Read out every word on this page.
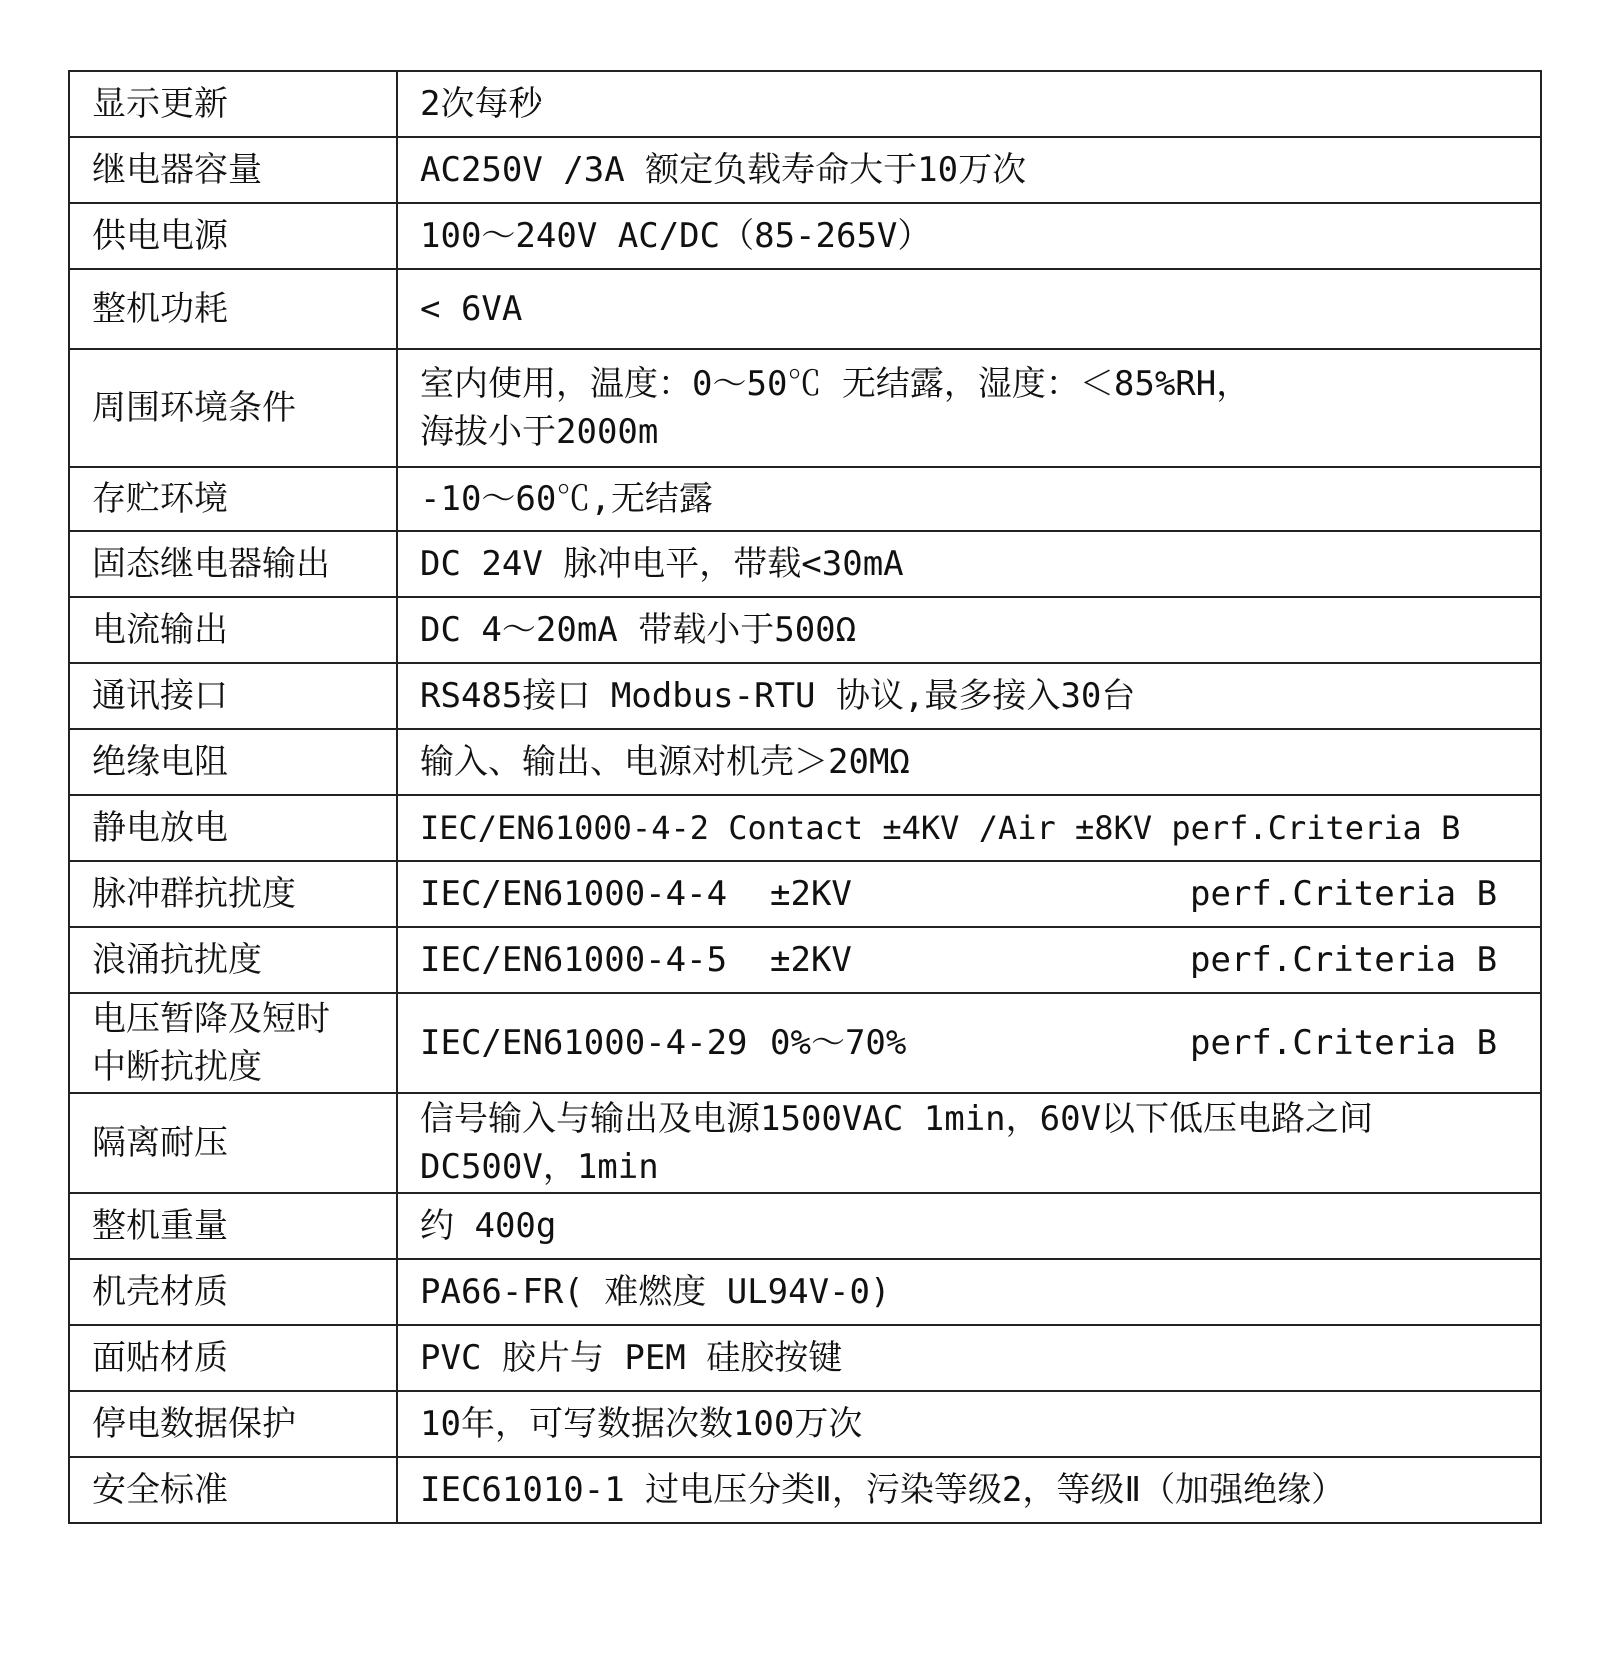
显示更新	2次每秒
继电器容量	AC250V /3A 额定负载寿命大于10万次
供电电源	100～240V AC/DC（85-265V）
整机功耗	< 6VA
周围环境条件	室内使用，温度：0～50℃ 无结露，湿度：＜85%RH，
海拔小于2000m

存贮环境	-10～60℃,无结露
固态继电器输出	DC 24V 脉冲电平，带载<30mA
电流输出	DC 4～20mA 带载小于500Ω
通讯接口	RS485接口 Modbus-RTU 协议,最多接入30台
绝缘电阻	输入、输出、电源对机壳＞20MΩ
静电放电	IEC/EN61000-4-2 Contact ±4KV /Air ±8KV perf.Criteria B
脉冲群抗扰度	IEC/EN61000-4-4 ±2KV perf.Criteria B

浪涌抗扰度	IEC/EN61000-4-5 ±2KV perf.Criteria B

电压暂降及短时
中断抗扰度	IEC/EN61000-4-29 0%～70% perf.Criteria B

隔离耐压	信号输入与输出及电源1500VAC 1min，60V以下低压电路之间
DC500V，1min

整机重量	约 400g
机壳材质	PA66-FR( 难燃度 UL94V-0)
面贴材质	PVC 胶片与 PEM 硅胶按键
停电数据保护	10年，可写数据次数100万次
安全标准	IEC61010-1 过电压分类Ⅱ，污染等级2，等级Ⅱ（加强绝缘）
